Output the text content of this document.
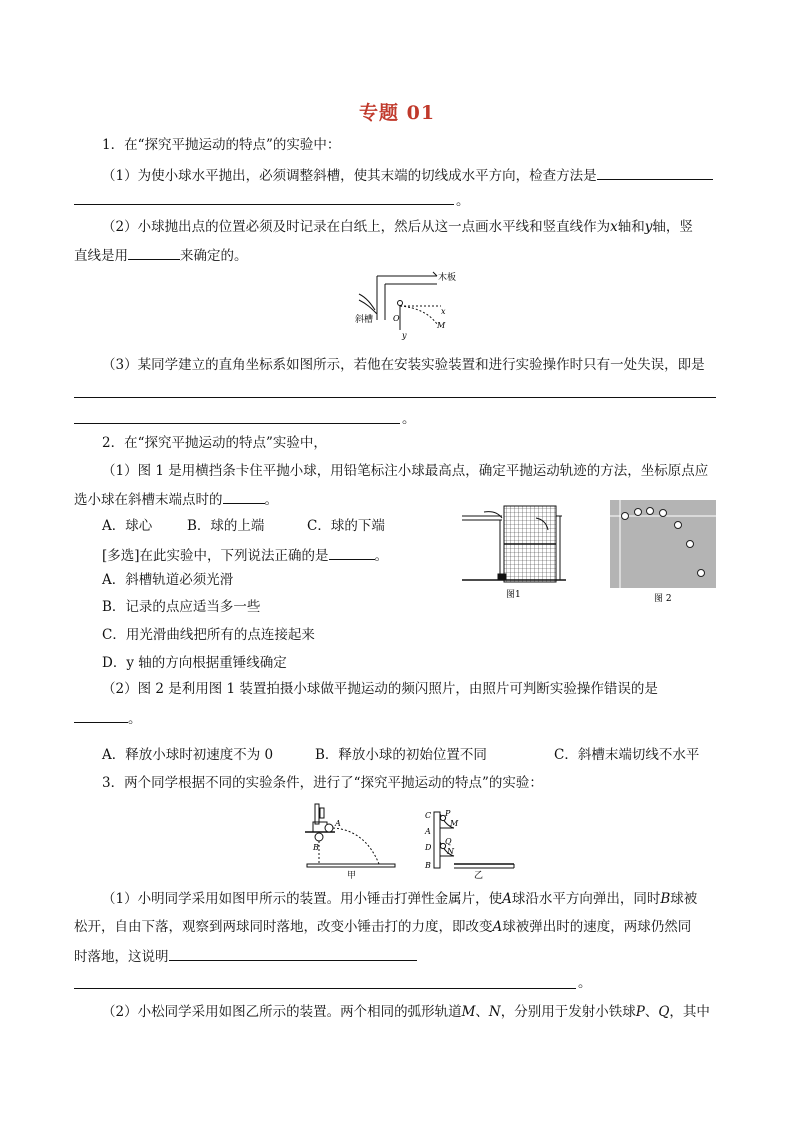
专题 01
1．在“探究平抛运动的特点”的实验中：
（1）为使小球水平抛出，必须调整斜槽，使其末端的切线成水平方向，检查方法是
。
（2）小球抛出点的位置必须及时记录在白纸上，然后从这一点画水平线和竖直线作为x轴和y轴，竖
直线是用	来确定的。
木板
斜槽 O
x
y
M
（3）某同学建立的直角坐标系如图所示，若他在安装实验装置和进行实验操作时只有一处失误，即是
。
2．在“探究平抛运动的特点”实验中，
（1）图 1 是用横挡条卡住平抛小球，用铅笔标注小球最高点，确定平抛运动轨迹的方法，坐标原点应
选小球在斜槽末端点时的	。
A．球心	B．球的上端	C．球的下端
[多选]在此实验中，下列说法正确的是	。
A．斜槽轨道必须光滑
B．记录的点应适当多一些
C．用光滑曲线把所有的点连接起来
D．y 轴的方向根据重锤线确定
图1	图 2
（2）图 2 是利用图 1 装置拍摄小球做平抛运动的频闪照片，由照片可判断实验操作错误的是
。
A．释放小球时初速度不为 0	B．释放小球的初始位置不同	C．斜槽末端切线不水平
3．两个同学根据不同的实验条件，进行了“探究平抛运动的特点”的实验：
A
B
甲
C P
M
A
Q
D N
B
乙
（1）小明同学采用如图甲所示的装置。用小锤击打弹性金属片，使A球沿水平方向弹出，同时B球被
松开，自由下落，观察到两球同时落地，改变小锤击打的力度，即改变A球被弹出时的速度，两球仍然同
时落地，这说明
。
（2）小松同学采用如图乙所示的装置。两个相同的弧形轨道M、N，分别用于发射小铁球P、Q，其中
